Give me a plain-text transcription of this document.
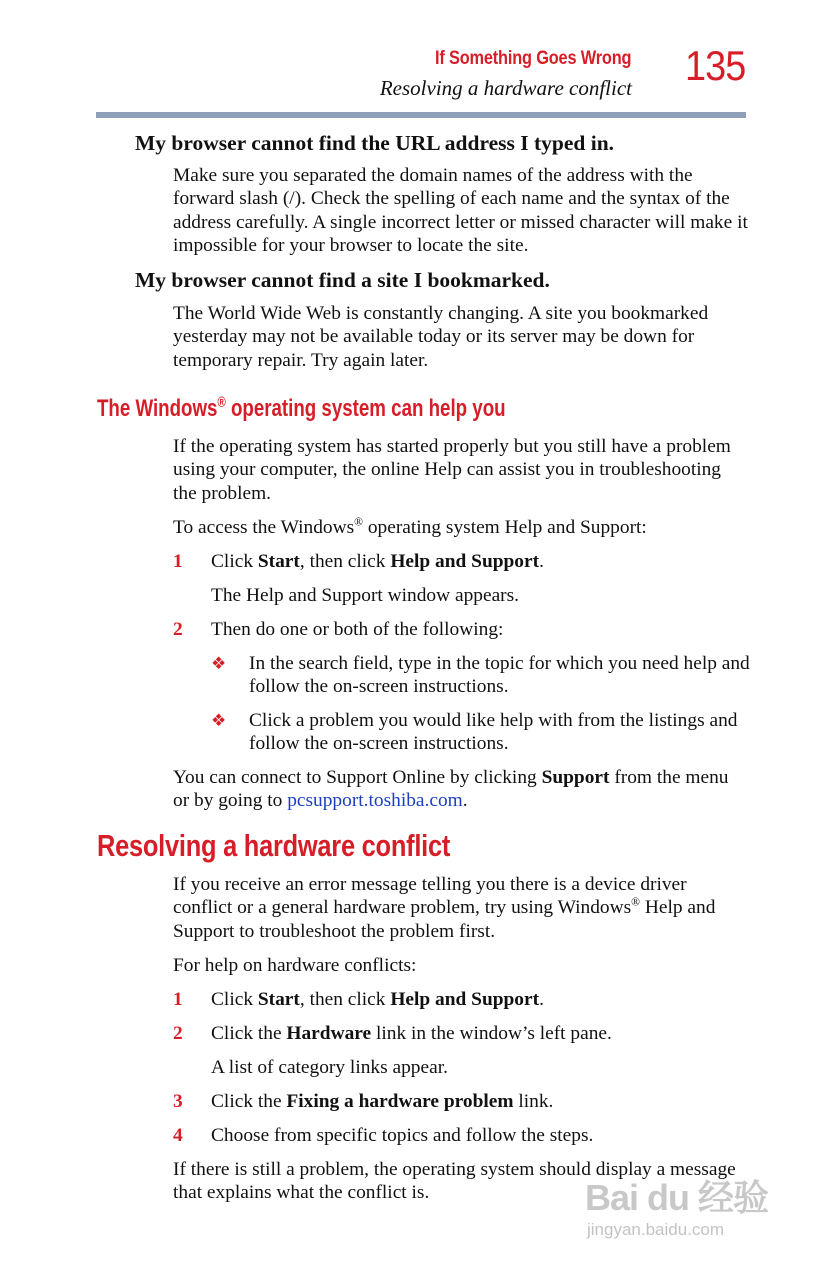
If Something Goes Wrong
Resolving a hardware conflict 135
My browser cannot find the URL address I typed in.
Make sure you separated the domain names of the address with the forward slash (/). Check the spelling of each name and the syntax of the address carefully. A single incorrect letter or missed character will make it impossible for your browser to locate the site.
My browser cannot find a site I bookmarked.
The World Wide Web is constantly changing. A site you bookmarked yesterday may not be available today or its server may be down for temporary repair. Try again later.
The Windows® operating system can help you
If the operating system has started properly but you still have a problem using your computer, the online Help can assist you in troubleshooting the problem.
To access the Windows® operating system Help and Support:
1 Click Start, then click Help and Support.
The Help and Support window appears.
2 Then do one or both of the following:
❖ In the search field, type in the topic for which you need help and follow the on-screen instructions.
❖ Click a problem you would like help with from the listings and follow the on-screen instructions.
You can connect to Support Online by clicking Support from the menu or by going to pcsupport.toshiba.com.
Resolving a hardware conflict
If you receive an error message telling you there is a device driver conflict or a general hardware problem, try using Windows® Help and Support to troubleshoot the problem first.
For help on hardware conflicts:
1 Click Start, then click Help and Support.
2 Click the Hardware link in the window’s left pane.
A list of category links appear.
3 Click the Fixing a hardware problem link.
4 Choose from specific topics and follow the steps.
If there is still a problem, the operating system should display a message that explains what the conflict is.	Bai du 经验
jingyan.baidu.com
